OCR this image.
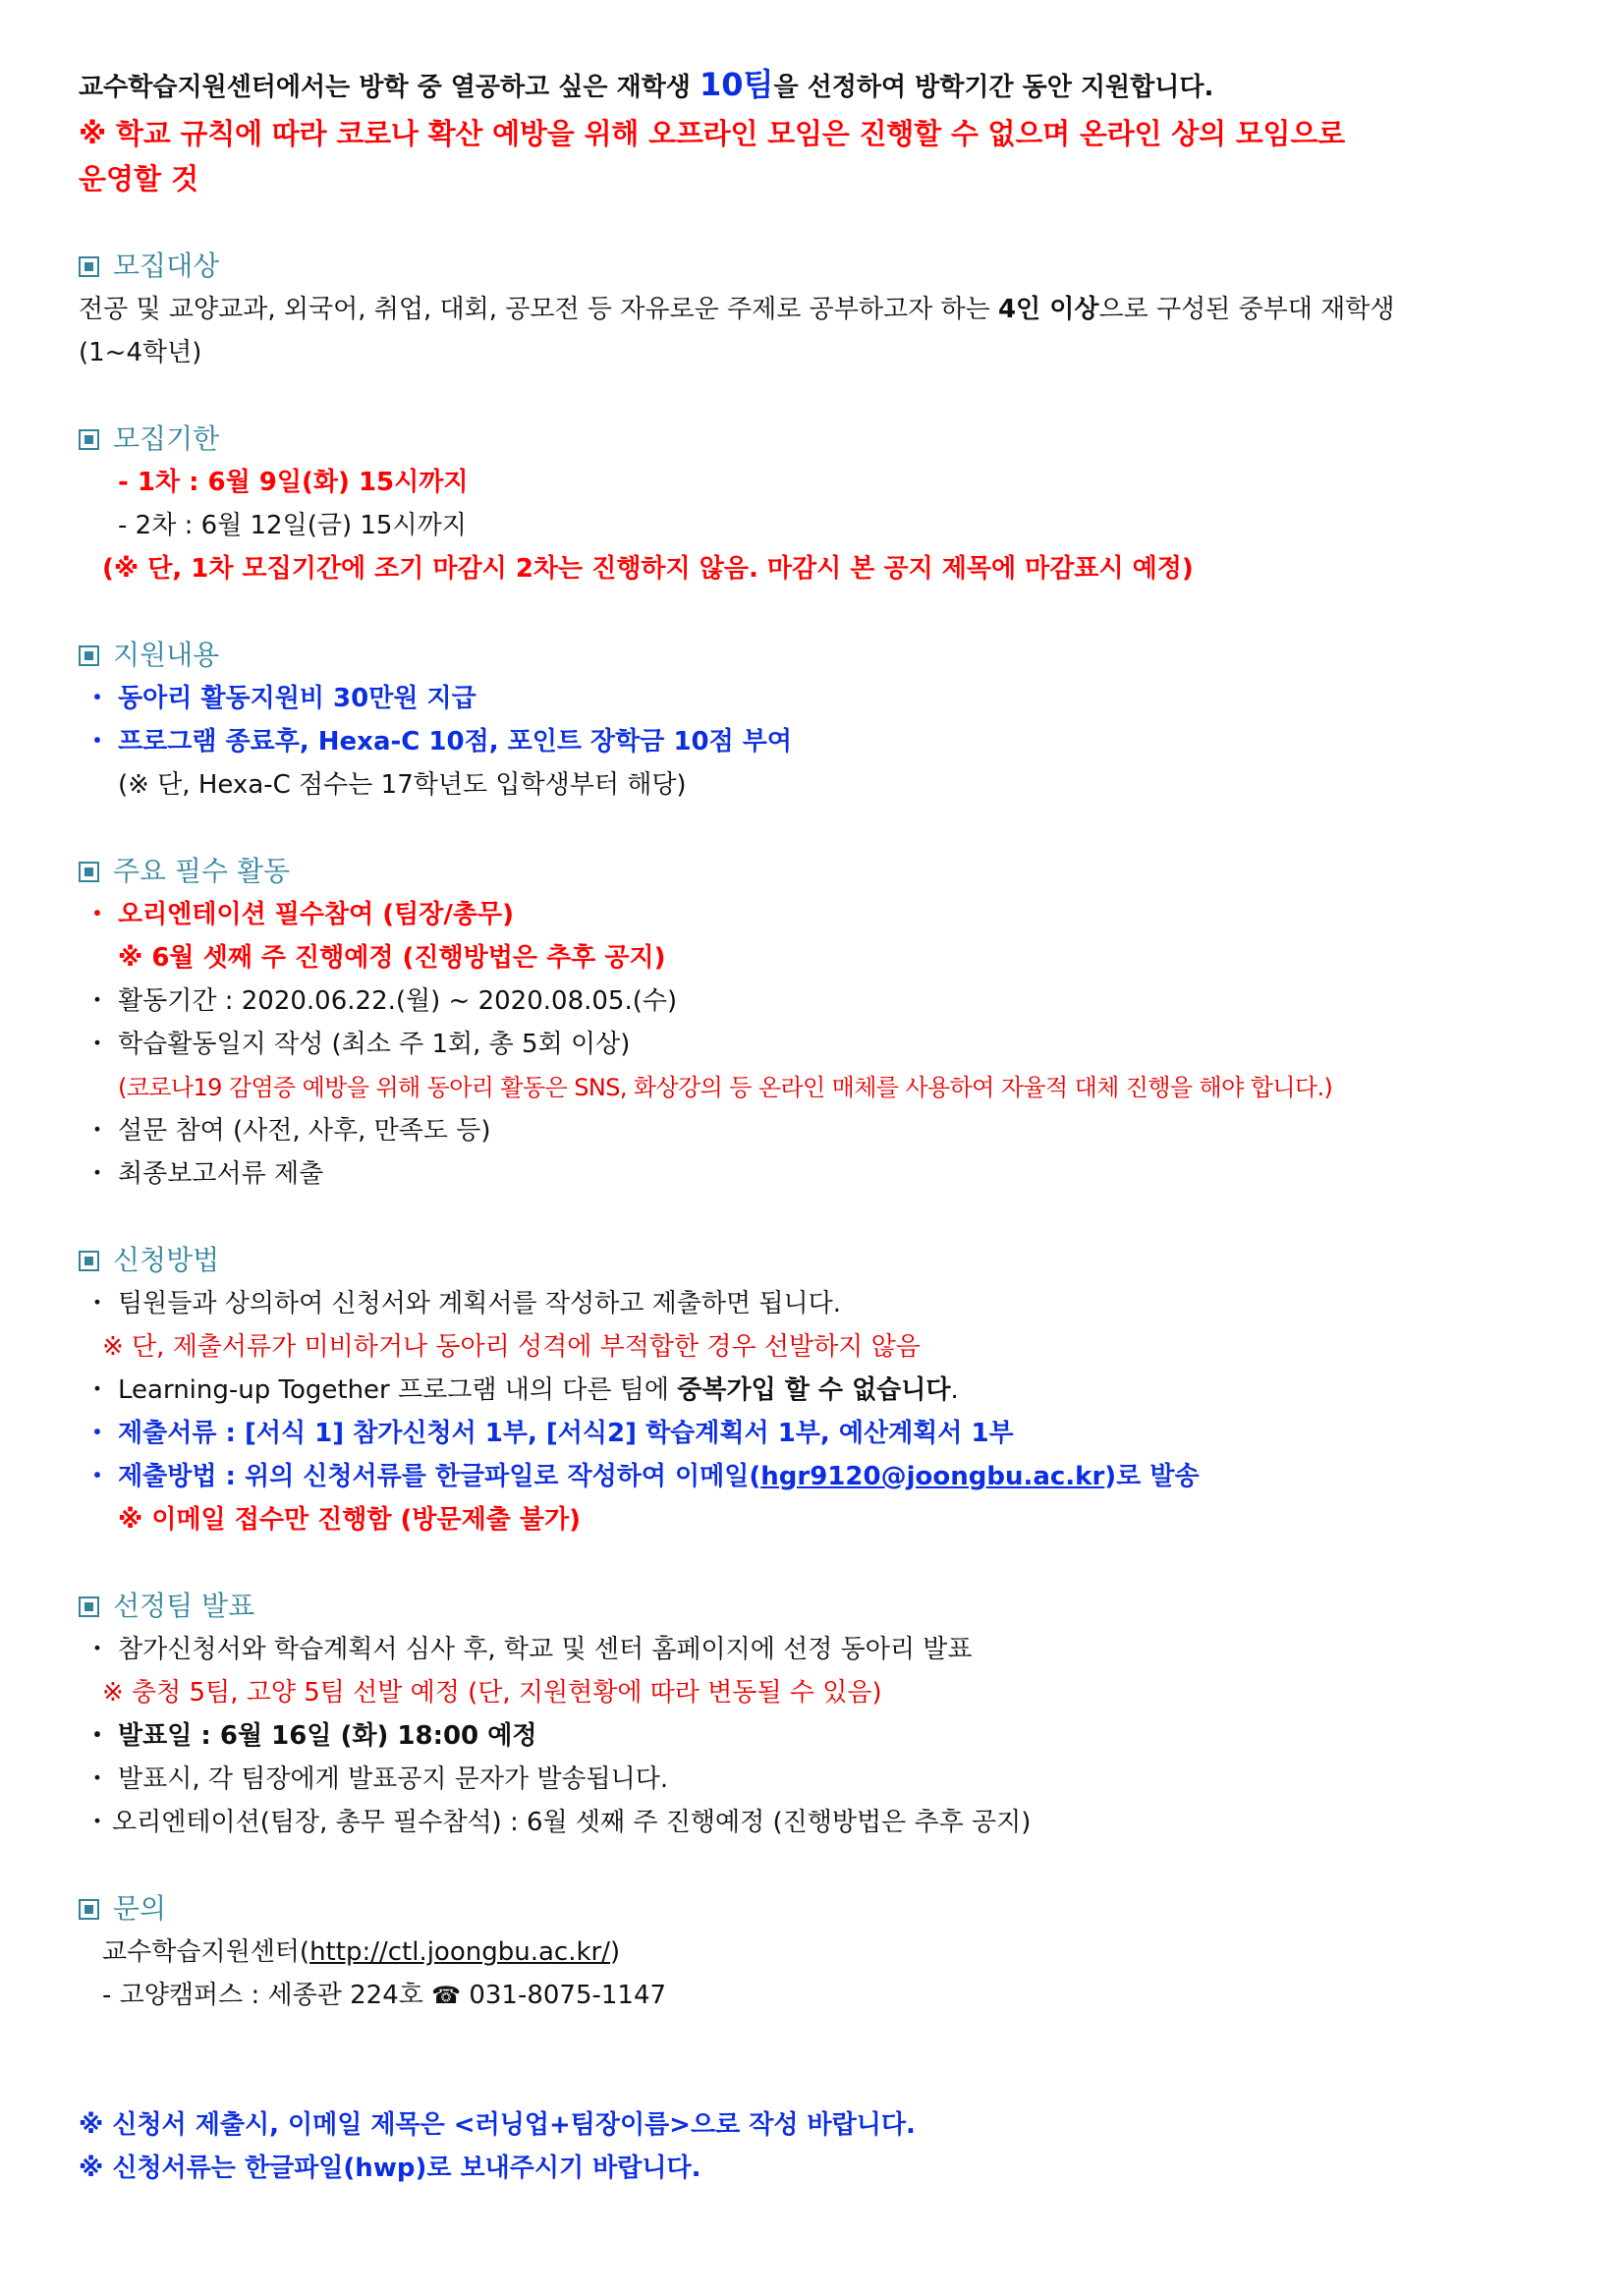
교수학습지원센터에서는 방학 중 열공하고 싶은 재학생 10팀을 선정하여 방학기간 동안 지원합니다.
※ 학교 규칙에 따라 코로나 확산 예방을 위해 오프라인 모임은 진행할 수 없으며 온라인 상의 모임으로
운영할 것
모집대상
전공 및 교양교과, 외국어, 취업, 대회, 공모전 등 자유로운 주제로 공부하고자 하는 4인 이상으로 구성된 중부대 재학생
(1~4학년)
모집기한
- 1차 : 6월 9일(화) 15시까지
- 2차 : 6월 12일(금) 15시까지
(※ 단, 1차 모집기간에 조기 마감시 2차는 진행하지 않음. 마감시 본 공지 제목에 마감표시 예정)
지원내용
・ 동아리 활동지원비 30만원 지급
・ 프로그램 종료후, Hexa-C 10점, 포인트 장학금 10점 부여
(※ 단, Hexa-C 점수는 17학년도 입학생부터 해당)
주요 필수 활동
・ 오리엔테이션 필수참여 (팀장/총무)
※ 6월 셋째 주 진행예정 (진행방법은 추후 공지)
・ 활동기간 : 2020.06.22.(월) ~ 2020.08.05.(수)
・ 학습활동일지 작성 (최소 주 1회, 총 5회 이상)
(코로나19 감염증 예방을 위해 동아리 활동은 SNS, 화상강의 등 온라인 매체를 사용하여 자율적 대체 진행을 해야 합니다.)
・ 설문 참여 (사전, 사후, 만족도 등)
・ 최종보고서류 제출
신청방법
・ 팀원들과 상의하여 신청서와 계획서를 작성하고 제출하면 됩니다.
※ 단, 제출서류가 미비하거나 동아리 성격에 부적합한 경우 선발하지 않음
・ Learning-up Together 프로그램 내의 다른 팀에 중복가입 할 수 없습니다.
・ 제출서류 : [서식 1] 참가신청서 1부, [서식2] 학습계획서 1부, 예산계획서 1부
・ 제출방법 : 위의 신청서류를 한글파일로 작성하여 이메일(hgr9120@joongbu.ac.kr)로 발송
※ 이메일 접수만 진행함 (방문제출 불가)
선정팀 발표
・ 참가신청서와 학습계획서 심사 후, 학교 및 센터 홈페이지에 선정 동아리 발표
※ 충청 5팀, 고양 5팀 선발 예정 (단, 지원현황에 따라 변동될 수 있음)
・ 발표일 : 6월 16일 (화) 18:00 예정
・ 발표시, 각 팀장에게 발표공지 문자가 발송됩니다.
・오리엔테이션(팀장, 총무 필수참석) : 6월 셋째 주 진행예정 (진행방법은 추후 공지)
문의
교수학습지원센터(http://ctl.joongbu.ac.kr/)
- 고양캠퍼스 : 세종관 224호 ☎ 031-8075-1147
※ 신청서 제출시, 이메일 제목은 <러닝업+팀장이름>으로 작성 바랍니다.
※ 신청서류는 한글파일(hwp)로 보내주시기 바랍니다.
